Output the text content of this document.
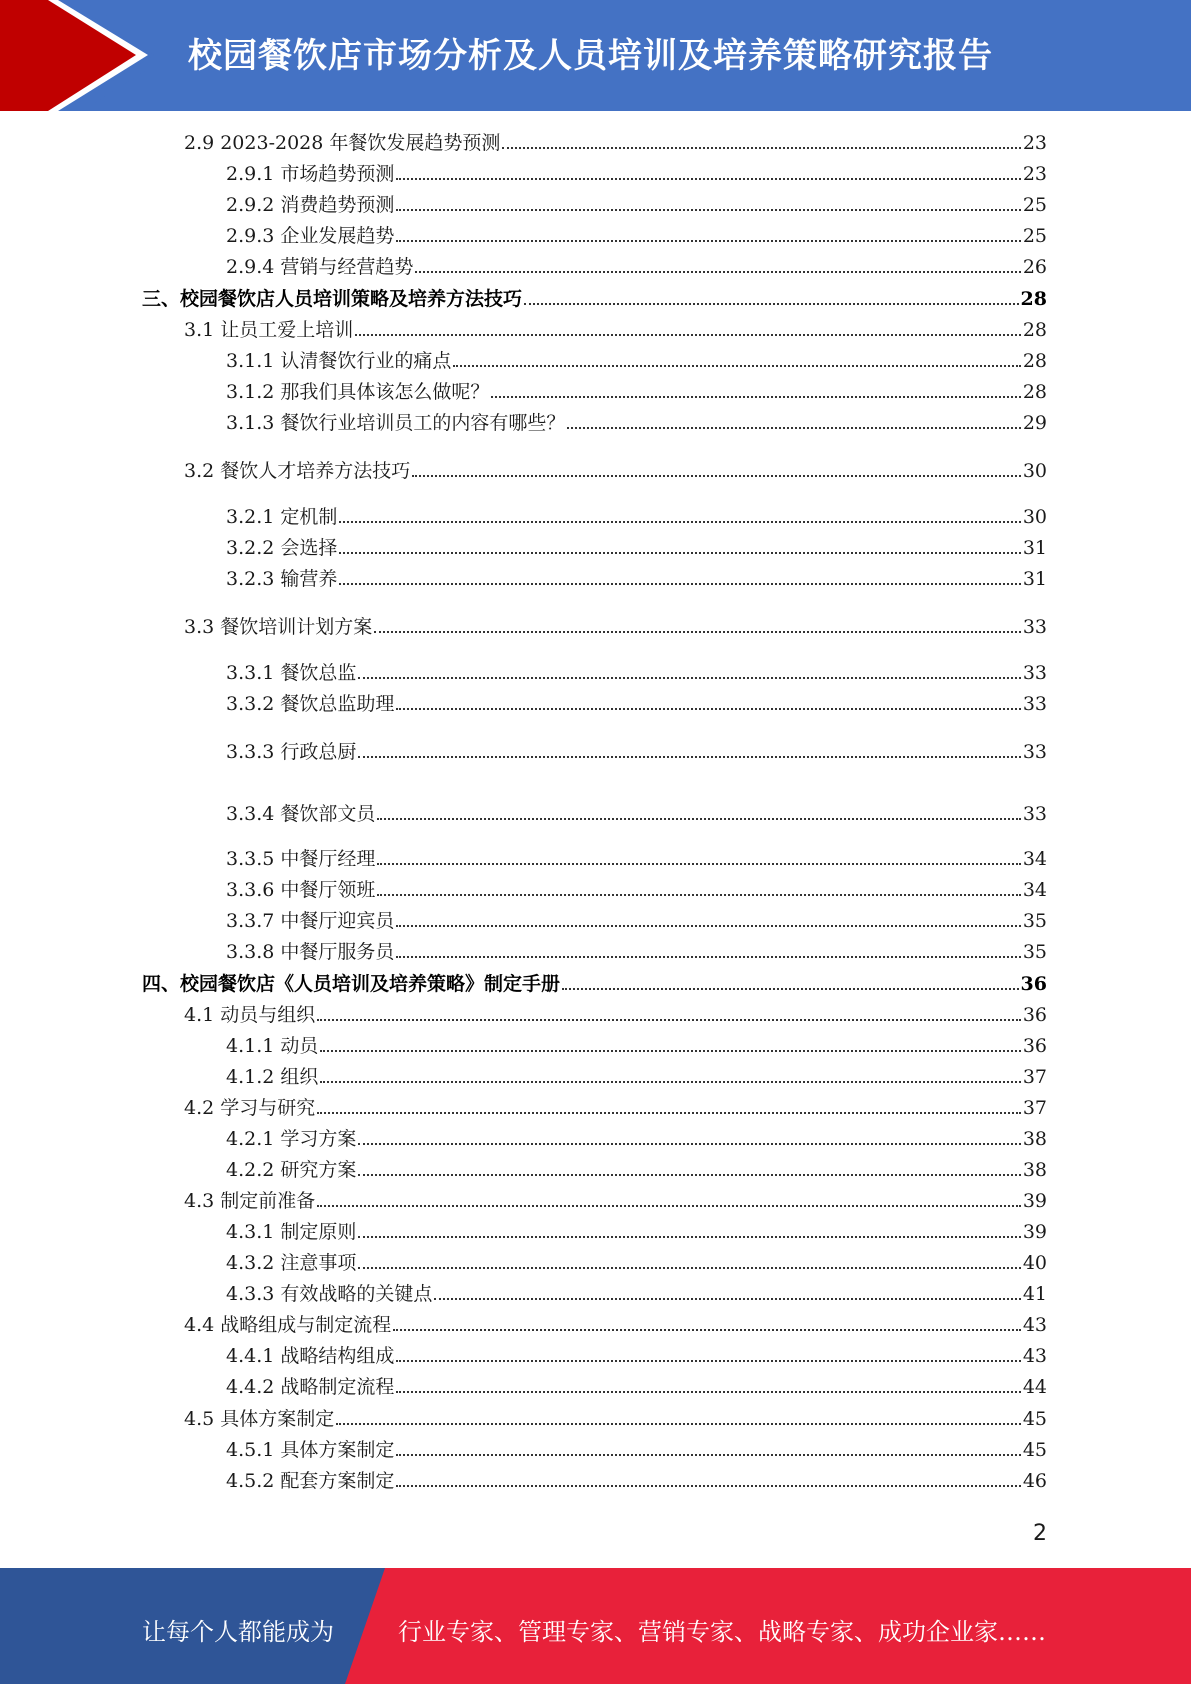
校园餐饮店市场分析及人员培训及培养策略研究报告
2.9 2023-2028 年餐饮发展趋势预测	23
2.9.1 市场趋势预测	23
2.9.2 消费趋势预测	25
2.9.3 企业发展趋势	25
2.9.4 营销与经营趋势	26
三、校园餐饮店人员培训策略及培养方法技巧	28
3.1 让员工爱上培训	28
3.1.1 认清餐饮行业的痛点	28
3.1.2 那我们具体该怎么做呢？	28
3.1.3 餐饮行业培训员工的内容有哪些？	29
3.2 餐饮人才培养方法技巧	30
3.2.1 定机制	30
3.2.2 会选择	31
3.2.3 输营养	31
3.3 餐饮培训计划方案	33
3.3.1 餐饮总监	33
3.3.2 餐饮总监助理	33
3.3.3 行政总厨	33
3.3.4 餐饮部文员	33
3.3.5 中餐厅经理	34
3.3.6 中餐厅领班	34
3.3.7 中餐厅迎宾员	35
3.3.8 中餐厅服务员	35
四、校园餐饮店《人员培训及培养策略》制定手册	36
4.1 动员与组织	36
4.1.1 动员	36
4.1.2 组织	37
4.2 学习与研究	37
4.2.1 学习方案	38
4.2.2 研究方案	38
4.3 制定前准备	39
4.3.1 制定原则	39
4.3.2 注意事项	40
4.3.3 有效战略的关键点	41
4.4 战略组成与制定流程	43
4.4.1 战略结构组成	43
4.4.2 战略制定流程	44
4.5 具体方案制定	45
4.5.1 具体方案制定	45
4.5.2 配套方案制定	46
2
让每个人都能成为	行业专家、管理专家、营销专家、战略专家、成功企业家……
